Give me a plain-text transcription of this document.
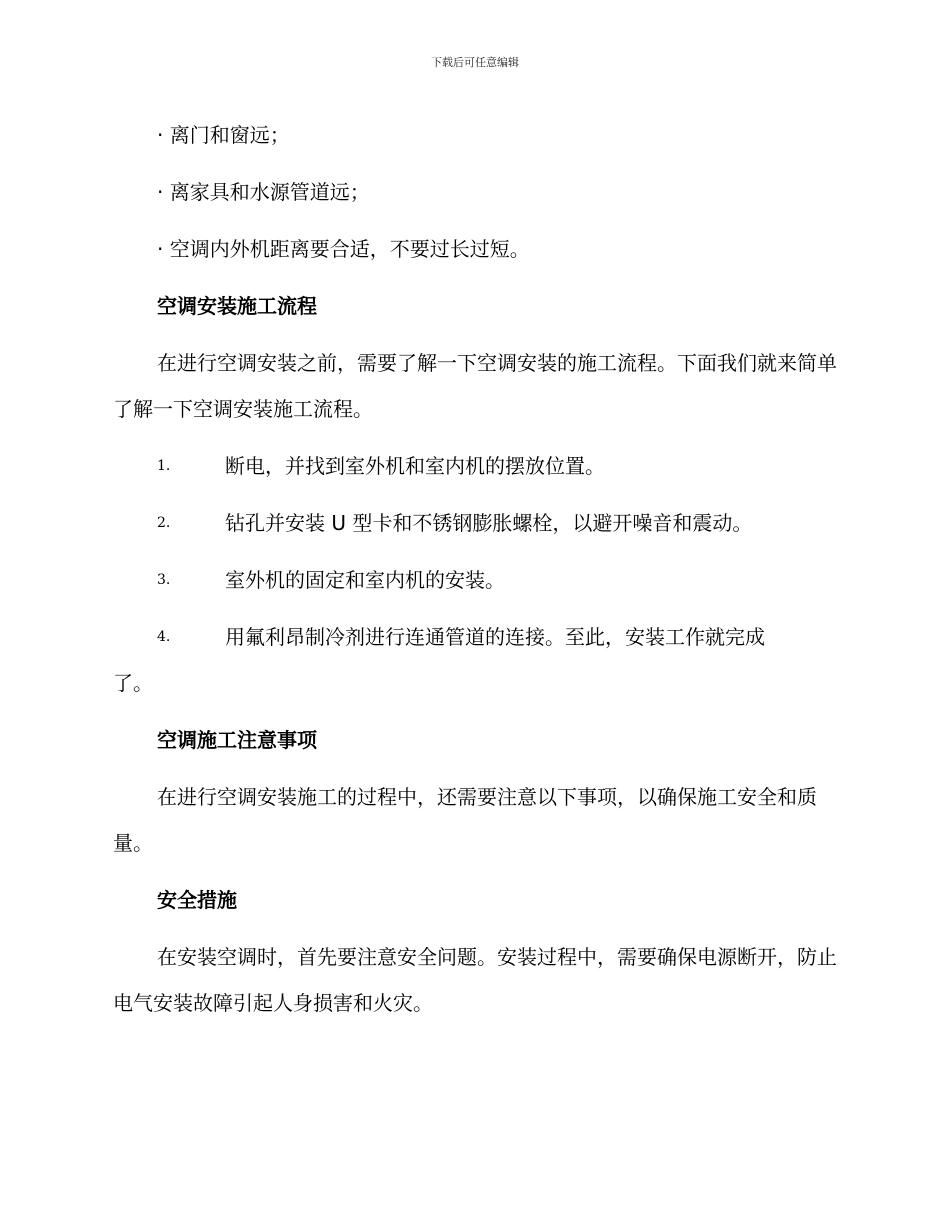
下载后可任意编辑

· 离门和窗远；

· 离家具和水源管道远；

· 空调内外机距离要合适，不要过长过短。

空调安装施工流程

在进行空调安装之前，需要了解一下空调安装的施工流程。下面我们就来简单了解一下空调安装施工流程。

1.	断电，并找到室外机和室内机的摆放位置。
2.	钻孔并安装 U 型卡和不锈钢膨胀螺栓，以避开噪音和震动。
3.	室外机的固定和室内机的安装。
4.	用氟利昂制冷剂进行连通管道的连接。至此，安装工作就完成

了。

空调施工注意事项

在进行空调安装施工的过程中，还需要注意以下事项，以确保施工安全和质量。

安全措施

在安装空调时，首先要注意安全问题。安装过程中，需要确保电源断开，防止电气安装故障引起人身损害和火灾。
